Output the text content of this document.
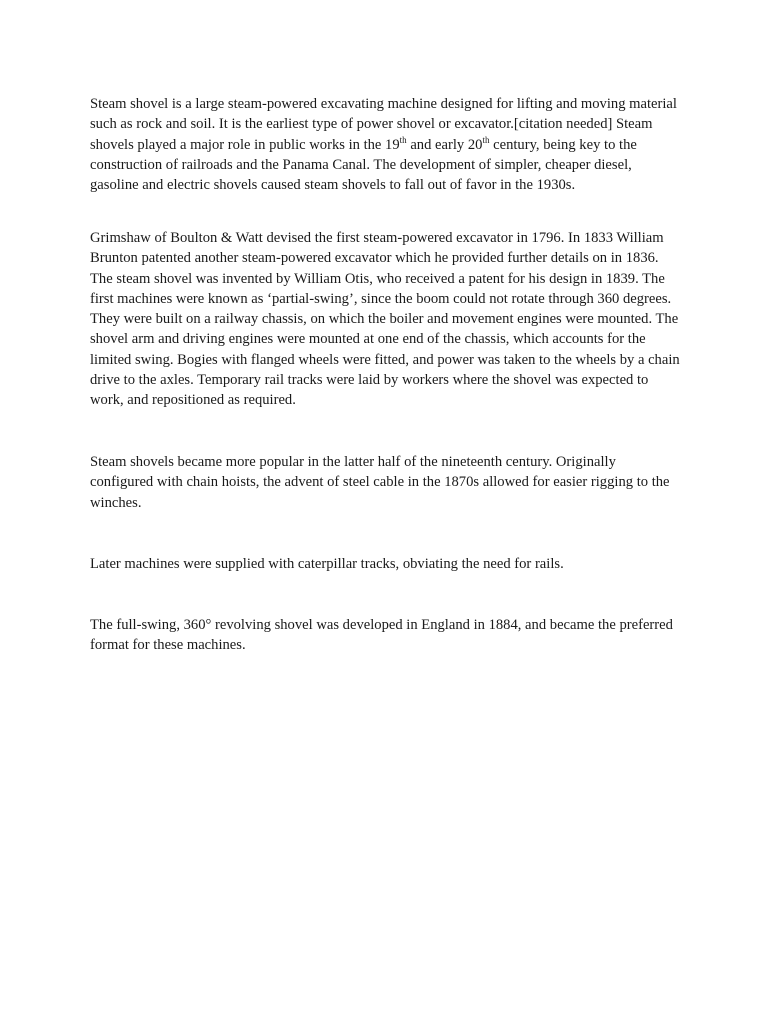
Steam shovel is a large steam-powered excavating machine designed for lifting and moving material such as rock and soil. It is the earliest type of power shovel or excavator.[citation needed] Steam shovels played a major role in public works in the 19th and early 20th century, being key to the construction of railroads and the Panama Canal. The development of simpler, cheaper diesel, gasoline and electric shovels caused steam shovels to fall out of favor in the 1930s.

Grimshaw of Boulton & Watt devised the first steam-powered excavator in 1796. In 1833 William Brunton patented another steam-powered excavator which he provided further details on in 1836. The steam shovel was invented by William Otis, who received a patent for his design in 1839. The first machines were known as ‘partial-swing’, since the boom could not rotate through 360 degrees. They were built on a railway chassis, on which the boiler and movement engines were mounted. The shovel arm and driving engines were mounted at one end of the chassis, which accounts for the limited swing. Bogies with flanged wheels were fitted, and power was taken to the wheels by a chain drive to the axles. Temporary rail tracks were laid by workers where the shovel was expected to work, and repositioned as required.

Steam shovels became more popular in the latter half of the nineteenth century. Originally configured with chain hoists, the advent of steel cable in the 1870s allowed for easier rigging to the winches.

Later machines were supplied with caterpillar tracks, obviating the need for rails.

The full-swing, 360° revolving shovel was developed in England in 1884, and became the preferred format for these machines.
